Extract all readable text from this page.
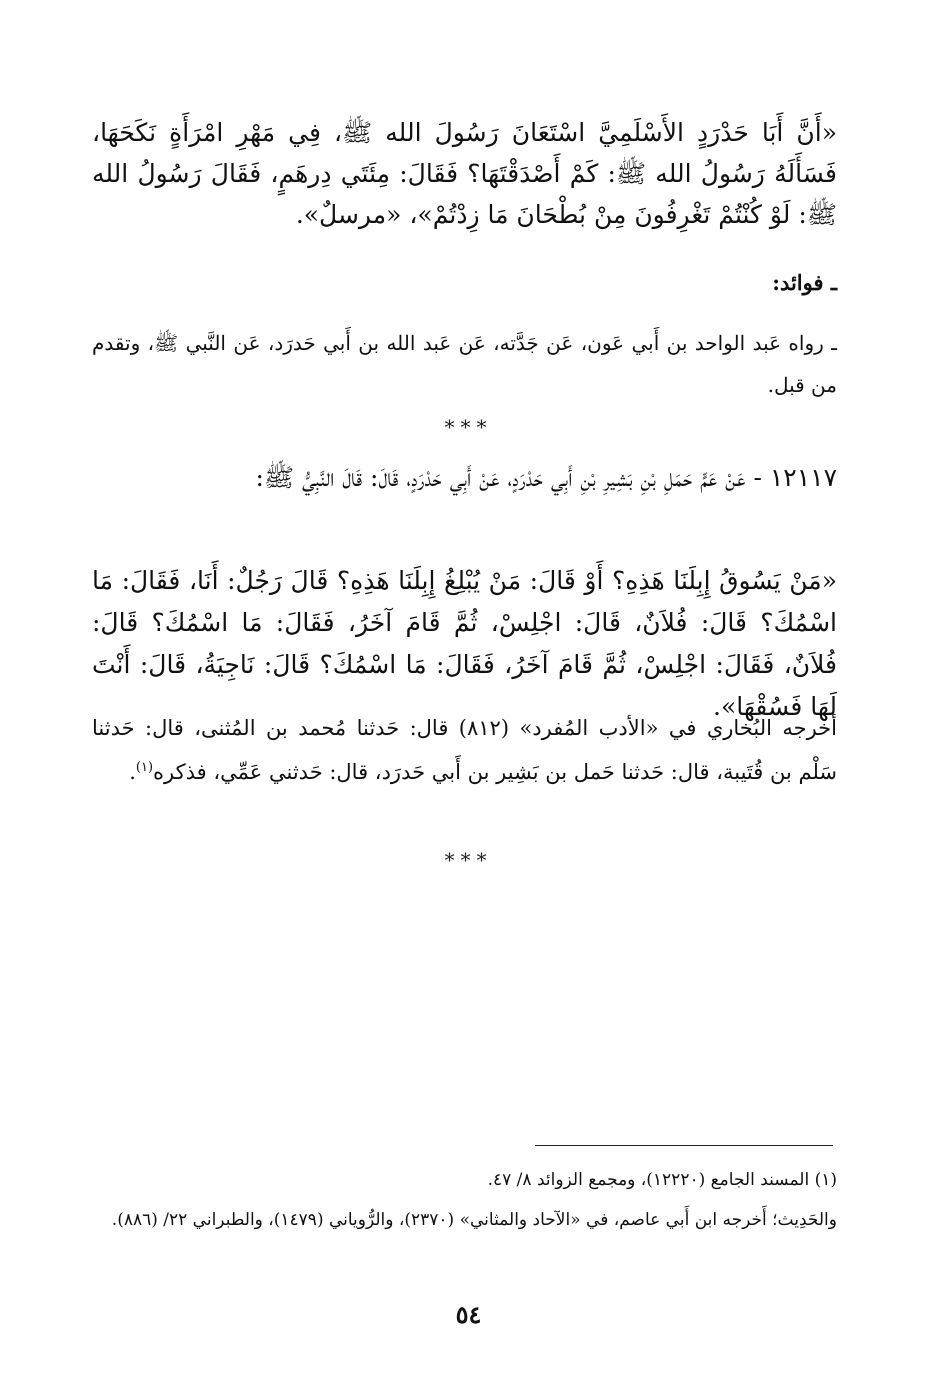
«أَنَّ أَبَا حَدْرَدٍ الأَسْلَمِيَّ اسْتَعَانَ رَسُولَ الله ﷺ، فِي مَهْرِ امْرَأَةٍ نَكَحَهَا، فَسَأَلَهُ رَسُولُ الله ﷺ: كَمْ أَصْدَقْتَهَا؟ فَقَالَ: مِئَتَي دِرهَمٍ، فَقَالَ رَسُولُ الله ﷺ: لَوْ كُنْتُمْ تَغْرِفُونَ مِنْ بُطْحَانَ مَا زِدْتُمْ»، «مرسلٌ».

ـ فوائد:

ـ رواه عَبد الواحد بن أَبي عَون، عَن جَدَّته، عَن عَبد الله بن أَبي حَدرَد، عَن النَّبي ﷺ، وتقدم من قبل.

***

١٢١١٧ - عَنْ عَمٍّ حَمَلِ بْنِ بَشِيرِ بْنِ أَبِي حَدْرَدٍ، عَنْ أَبِي حَدْرَدٍ، قَالَ: قَالَ النَّبِيُّ ﷺ:

«مَنْ يَسُوقُ إِبِلَنَا هَذِهِ؟ أَوْ قَالَ: مَنْ يُبْلِغُ إِبِلَنَا هَذِهِ؟ قَالَ رَجُلٌ: أَنَا، فَقَالَ: مَا اسْمُكَ؟ قَالَ: فُلاَنٌ، قَالَ: اجْلِسْ، ثُمَّ قَامَ آخَرُ، فَقَالَ: مَا اسْمُكَ؟ قَالَ: فُلاَنٌ، فَقَالَ: اجْلِسْ، ثُمَّ قَامَ آخَرُ، فَقَالَ: مَا اسْمُكَ؟ قَالَ: نَاجِيَةُ، قَالَ: أَنْتَ لَهَا فَسُقْهَا».

أخرجه البُخاري في «الأدب المُفرد» (٨١٢) قال: حَدثنا مُحمد بن المُثنى، قال: حَدثنا سَلْم بن قُتَيبة، قال: حَدثنا حَمل بن بَشِير بن أَبي حَدرَد، قال: حَدثني عَمِّي، فذكره$^{(١)}$.

***
(١) المسند الجامع (١٢٢٢٠)، ومجمع الزوائد ٨/ ٤٧.
والحَدِيث؛ أَخرجه ابن أَبي عاصم، في «الآحاد والمثاني» (٢٣٧٠)، والرُّوياني (١٤٧٩)، والطبراني ٢٢/ (٨٨٦).
٥٤
